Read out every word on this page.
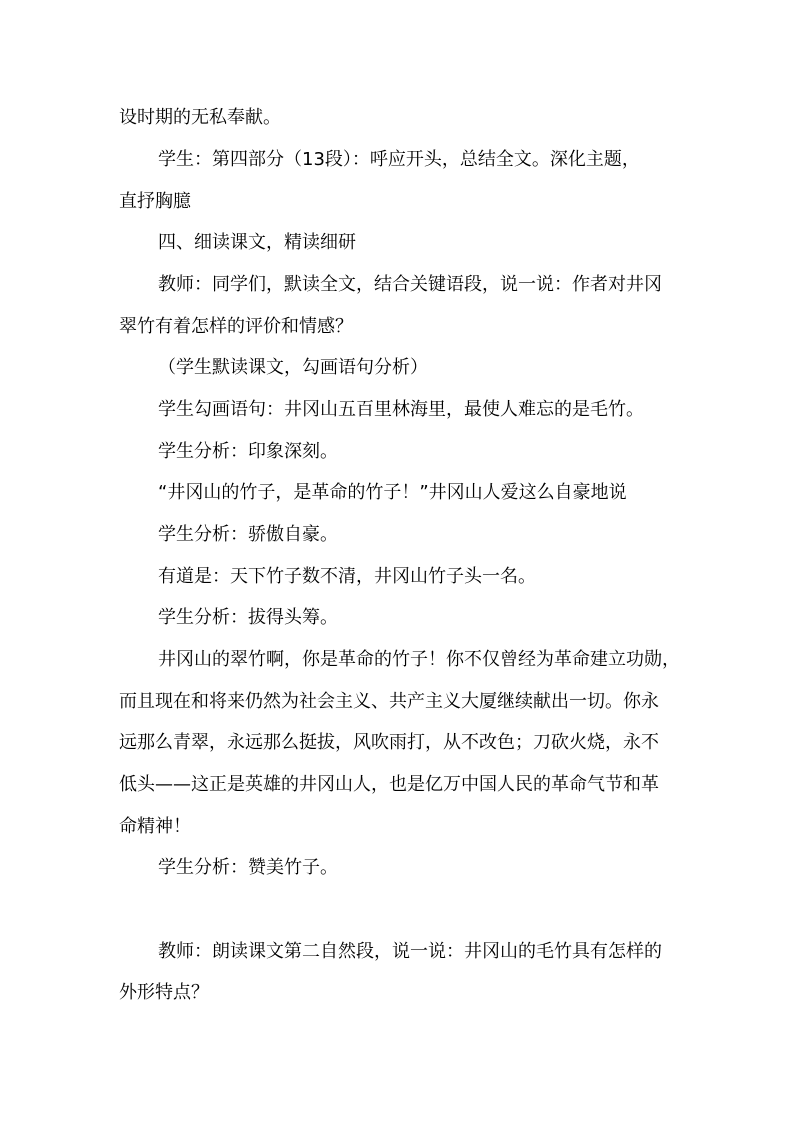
设时期的无私奉献。
学生：第四部分（13段）：呼应开头，总结全文。深化主题，
直抒胸臆
四、细读课文，精读细研
教师：同学们，默读全文，结合关键语段，说一说：作者对井冈
翠竹有着怎样的评价和情感？
（学生默读课文，勾画语句分析）
学生勾画语句：井冈山五百里林海里，最使人难忘的是毛竹。
学生分析：印象深刻。
“井冈山的竹子，是革命的竹子！”井冈山人爱这么自豪地说
学生分析：骄傲自豪。
有道是：天下竹子数不清，井冈山竹子头一名。
学生分析：拔得头筹。
井冈山的翠竹啊，你是革命的竹子！你不仅曾经为革命建立功勋，
而且现在和将来仍然为社会主义、共产主义大厦继续献出一切。你永
远那么青翠，永远那么挺拔，风吹雨打，从不改色；刀砍火烧，永不
低头——这正是英雄的井冈山人，也是亿万中国人民的革命气节和革
命精神！
学生分析：赞美竹子。
教师：朗读课文第二自然段，说一说：井冈山的毛竹具有怎样的
外形特点？
